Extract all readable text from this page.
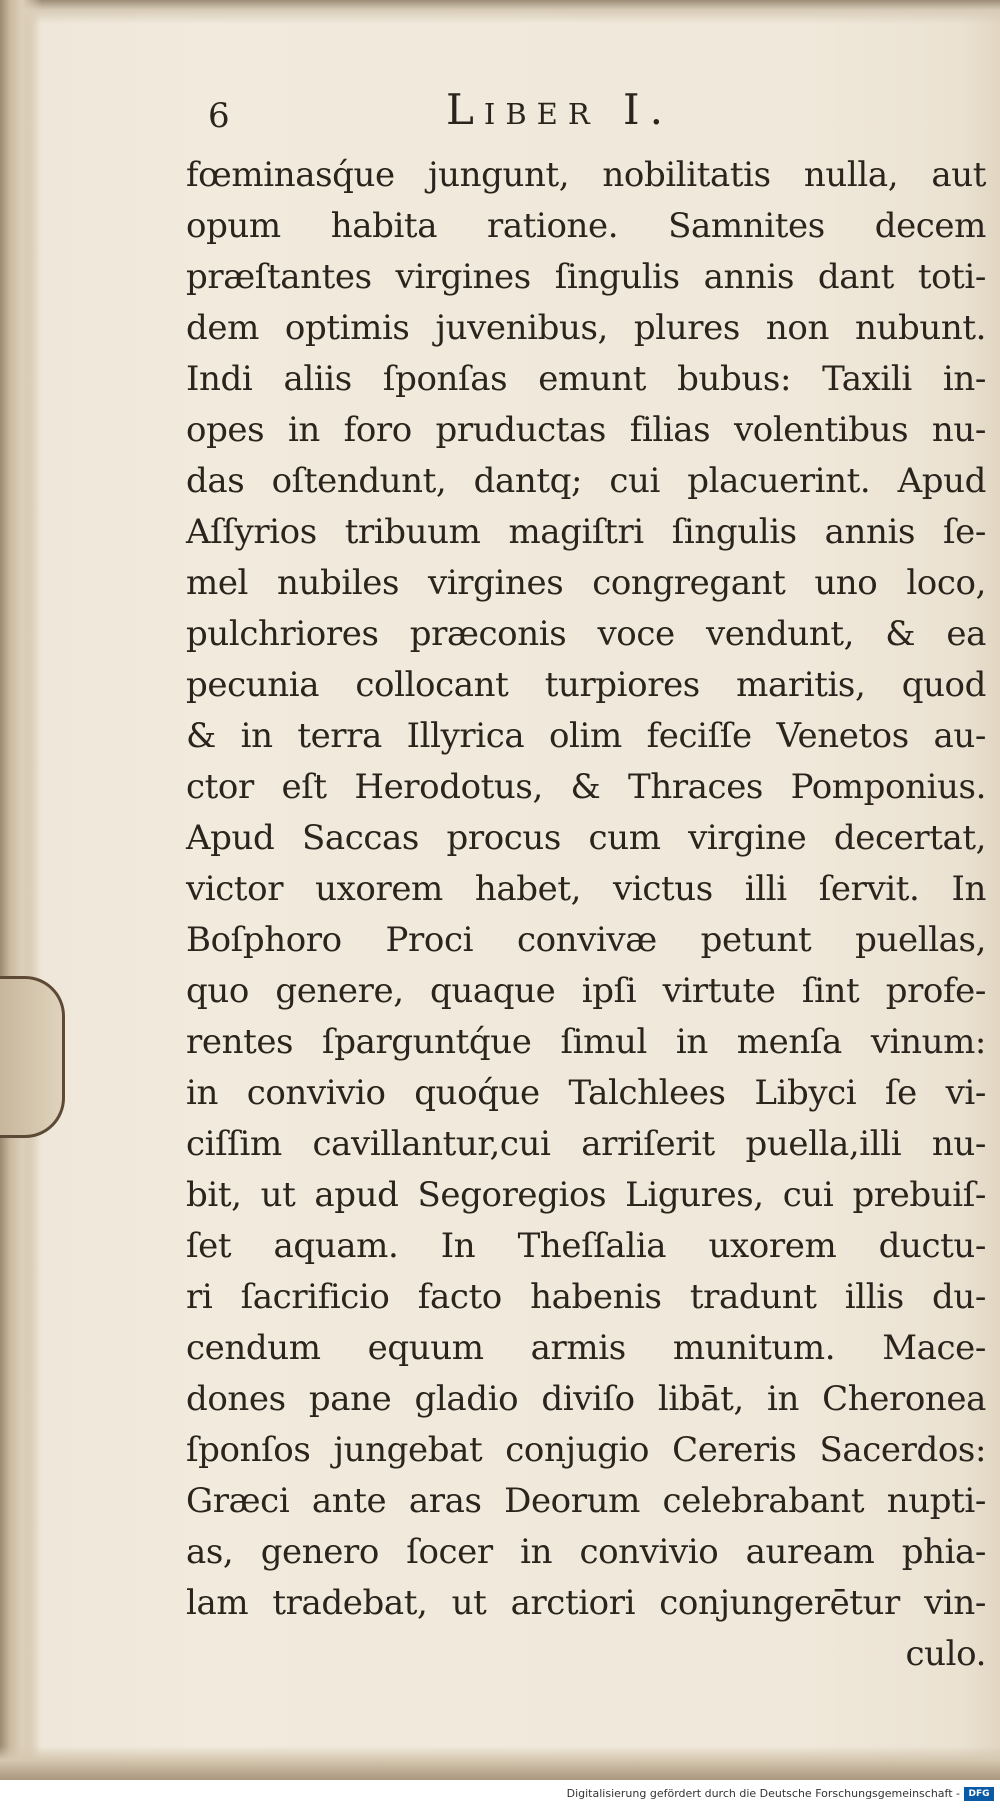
6	Liber I.
fœminasq́ue jungunt, nobilitatis nulla, aut
opum habita ratione. Samnites decem
præſtantes virgines ſingulis annis dant toti-
dem optimis juvenibus, plures non nubunt.
Indi aliis ſponſas emunt bubus: Taxili in-
opes in foro pruductas filias volentibus nu-
das oſtendunt, dantq; cui placuerint. Apud
Aſſyrios tribuum magiſtri ſingulis annis ſe-
mel nubiles virgines congregant uno loco,
pulchriores præconis voce vendunt, & ea
pecunia collocant turpiores maritis, quod
& in terra Illyrica olim feciſſe Venetos au-
ctor eſt Herodotus, & Thraces Pomponius.
Apud Saccas procus cum virgine decertat,
victor uxorem habet, victus illi ſervit. In
Boſphoro Proci convivæ petunt puellas,
quo genere, quaque ipſi virtute ſint profe-
rentes ſparguntq́ue ſimul in menſa vinum:
in convivio quoq́ue Talchlees Libyci ſe vi-
ciſſim cavillantur,cui arriſerit puella,illi nu-
bit, ut apud Segoregios Ligures, cui prebuiſ-
ſet aquam. In Theſſalia uxorem ductu-
ri ſacrificio facto habenis tradunt illis du-
cendum equum armis munitum. Mace-
dones pane gladio diviſo libāt, in Cheronea
ſponſos jungebat conjugio Cereris Sacerdos:
Græci ante aras Deorum celebrabant nupti-
as, genero ſocer in convivio auream phia-
lam tradebat, ut arctiori conjungerētur vin-
culo.
Digitalisierung gefördert durch die Deutsche Forschungsgemeinschaft - DFG
